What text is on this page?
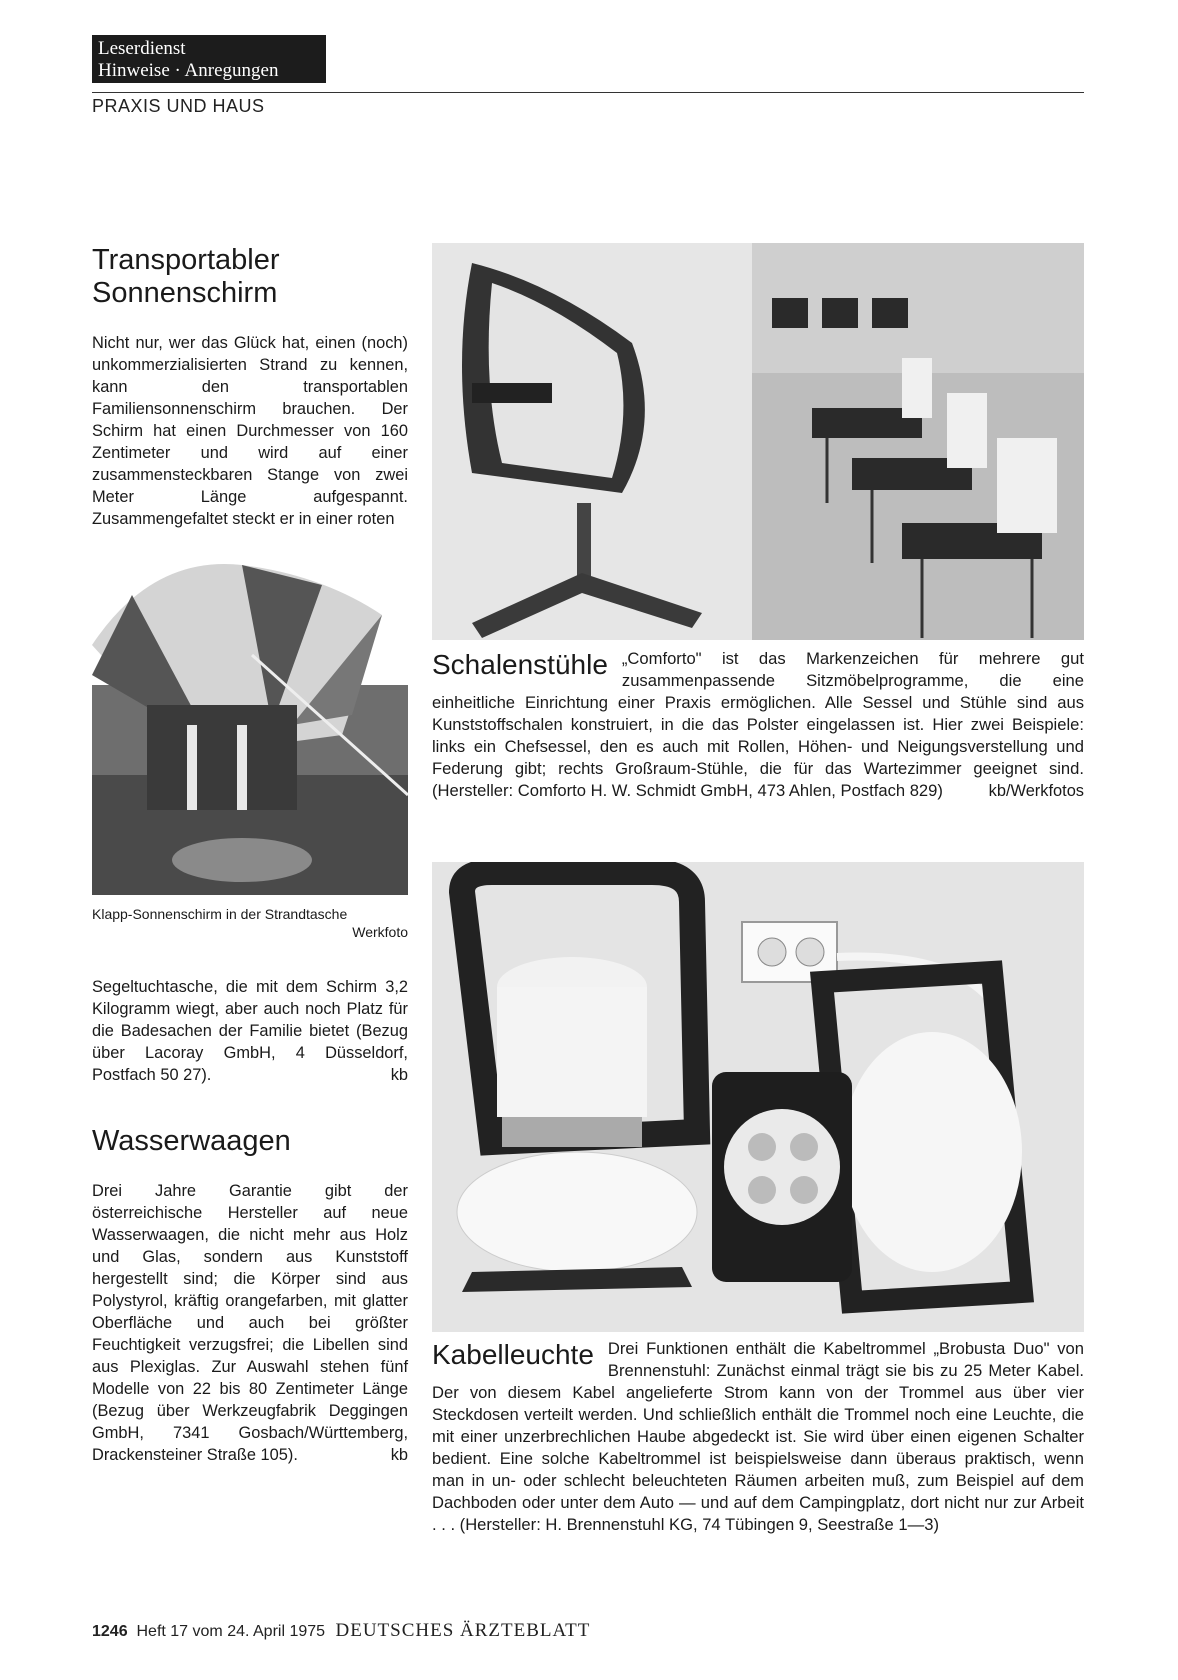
Leserdienst
Hinweise · Anregungen
PRAXIS UND HAUS
Transportabler
Sonnenschirm

Nicht nur, wer das Glück hat, einen (noch) unkommerzialisierten Strand zu kennen, kann den transportablen Familiensonnenschirm brauchen. Der Schirm hat einen Durchmesser von 160 Zentimeter und wird auf einer zusammensteckbaren Stange von zwei Meter Länge aufgespannt. Zusammengefaltet steckt er in einer roten

Klapp-Sonnenschirm in der Strandtasche

Werkfoto

Segeltuchtasche, die mit dem Schirm 3,2 Kilogramm wiegt, aber auch noch Platz für die Badesachen der Familie bietet (Bezug über Lacoray GmbH, 4 Düsseldorf, Postfach 50 27).	kb
Schalenstühle „Comforto" ist das Markenzeichen für mehrere gut zusammenpassende Sitzmöbelprogramme, die eine einheitliche Einrichtung einer Praxis ermöglichen. Alle Sessel und Stühle sind aus Kunststoffschalen konstruiert, in die das Polster eingelassen ist. Hier zwei Beispiele: links ein Chefsessel, den es auch mit Rollen, Höhen- und Neigungsverstellung und Federung gibt; rechts Großraum-Stühle, die für das Wartezimmer geeignet sind. (Hersteller: Comforto H. W. Schmidt GmbH, 473 Ahlen, Postfach 829)	kb/Werkfotos
Wasserwaagen

Drei Jahre Garantie gibt der österreichische Hersteller auf neue Wasserwaagen, die nicht mehr aus Holz und Glas, sondern aus Kunststoff hergestellt sind; die Körper sind aus Polystyrol, kräftig orangefarben, mit glatter Oberfläche und auch bei größter Feuchtigkeit verzugsfrei; die Libellen sind aus Plexiglas. Zur Auswahl stehen fünf Modelle von 22 bis 80 Zentimeter Länge (Bezug über Werkzeugfabrik Deggingen GmbH, 7341 Gosbach/Württemberg, Drackensteiner Straße 105).	kb
Kabelleuchte Drei Funktionen enthält die Kabeltrommel „Brobusta Duo" von Brennenstuhl: Zunächst einmal trägt sie bis zu 25 Meter Kabel. Der von diesem Kabel angelieferte Strom kann von der Trommel aus über vier Steckdosen verteilt werden. Und schließlich enthält die Trommel noch eine Leuchte, die mit einer unzerbrechlichen Haube abgedeckt ist. Sie wird über einen eigenen Schalter bedient. Eine solche Kabeltrommel ist beispielsweise dann überaus praktisch, wenn man in un- oder schlecht beleuchteten Räumen arbeiten muß, zum Beispiel auf dem Dachboden oder unter dem Auto — und auf dem Campingplatz, dort nicht nur zur Arbeit . . . (Hersteller: H. Brennenstuhl KG, 74 Tübingen 9, Seestraße 1—3)

1246 Heft 17 vom 24. April 1975 DEUTSCHES ÄRZTEBLATT
